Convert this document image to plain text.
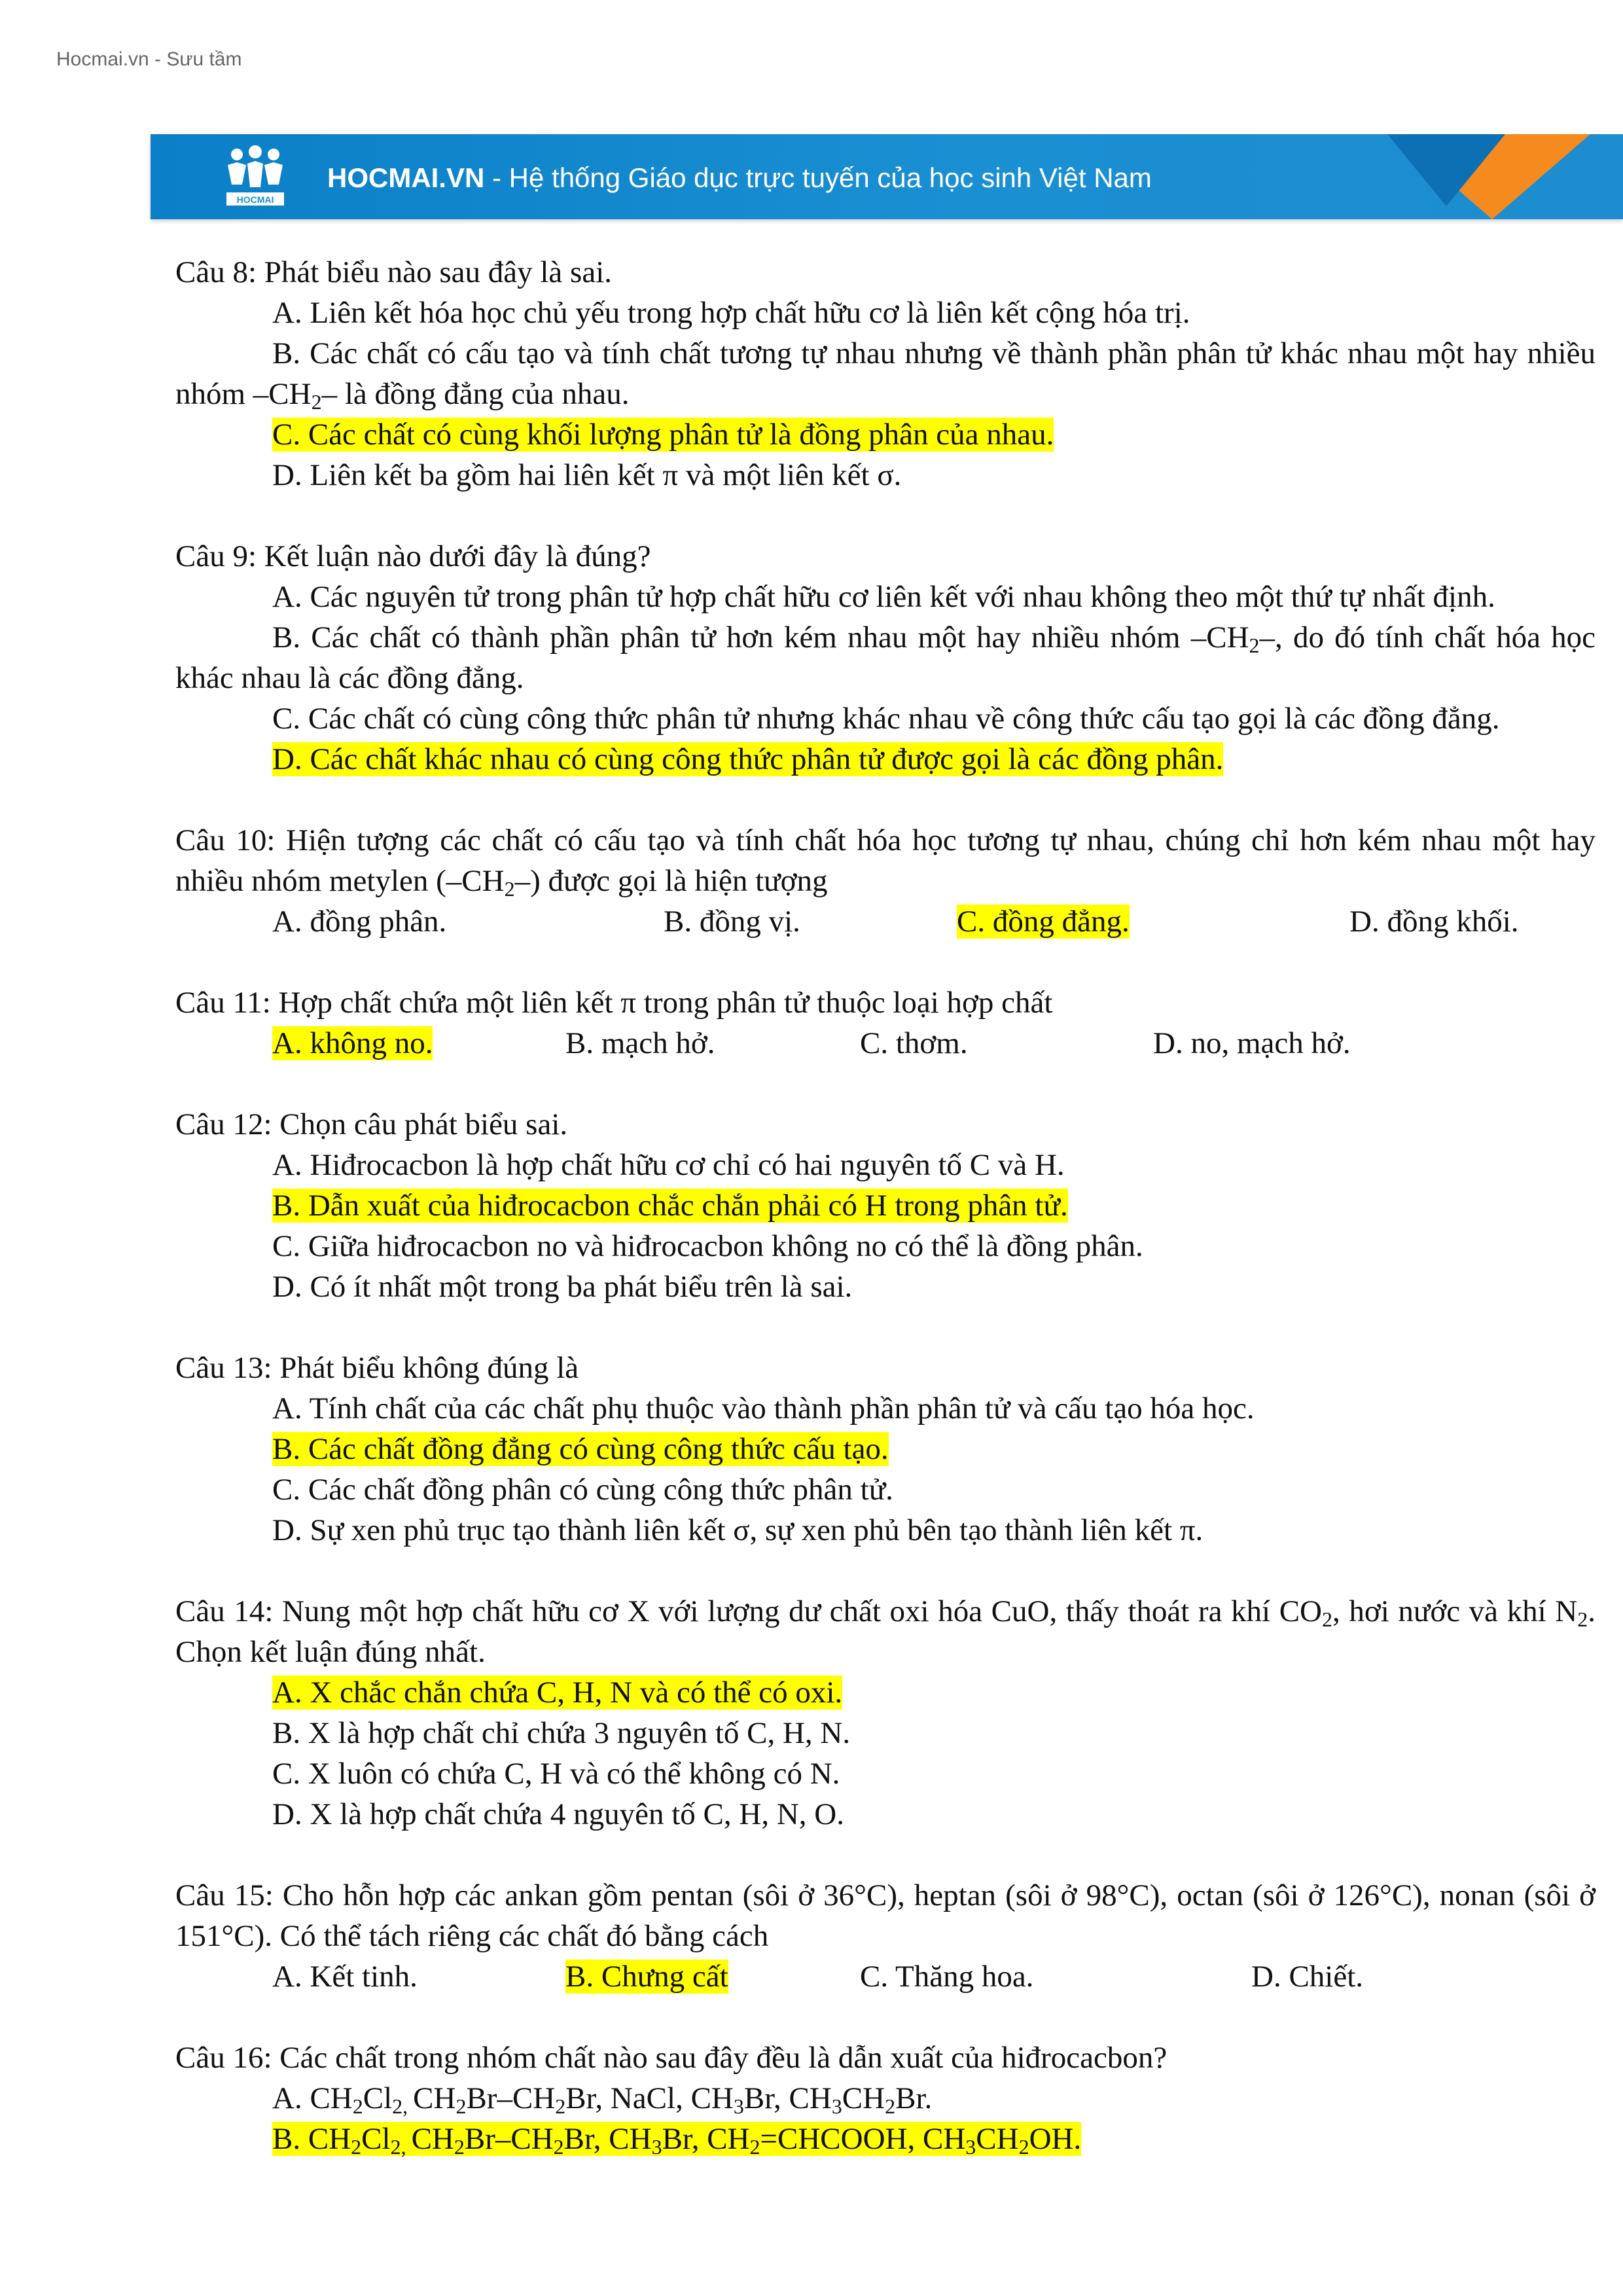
Hocmai.vn - Sưu tầm
HOCMAI
HOCMAI.VN - Hệ thống Giáo dục trực tuyến của học sinh Việt Nam
Câu 8: Phát biểu nào sau đây là sai.
A. Liên kết hóa học chủ yếu trong hợp chất hữu cơ là liên kết cộng hóa trị.
B. Các chất có cấu tạo và tính chất tương tự nhau nhưng về thành phần phân tử khác nhau một hay nhiều nhóm $-CH_2-$ là đồng đẳng của nhau.
C. Các chất có cùng khối lượng phân tử là đồng phân của nhau.
D. Liên kết ba gồm hai liên kết π và một liên kết σ.
Câu 9: Kết luận nào dưới đây là đúng?
A. Các nguyên tử trong phân tử hợp chất hữu cơ liên kết với nhau không theo một thứ tự nhất định.
B. Các chất có thành phần phân tử hơn kém nhau một hay nhiều nhóm $-CH_2-$, do đó tính chất hóa học khác nhau là các đồng đẳng.
C. Các chất có cùng công thức phân tử nhưng khác nhau về công thức cấu tạo gọi là các đồng đẳng.
D. Các chất khác nhau có cùng công thức phân tử được gọi là các đồng phân.
Câu 10: Hiện tượng các chất có cấu tạo và tính chất hóa học tương tự nhau, chúng chỉ hơn kém nhau một hay nhiều nhóm metylen $(-CH_2-)$ được gọi là hiện tượng
A. đồng phân.	B. đồng vị.	C. đồng đẳng.	D. đồng khối.
Câu 11: Hợp chất chứa một liên kết π trong phân tử thuộc loại hợp chất
A. không no.	B. mạch hở.	C. thơm.	D. no, mạch hở.
Câu 12: Chọn câu phát biểu sai.
A. Hiđrocacbon là hợp chất hữu cơ chỉ có hai nguyên tố C và H.
B. Dẫn xuất của hiđrocacbon chắc chắn phải có H trong phân tử.
C. Giữa hiđrocacbon no và hiđrocacbon không no có thể là đồng phân.
D. Có ít nhất một trong ba phát biểu trên là sai.
Câu 13: Phát biểu không đúng là
A. Tính chất của các chất phụ thuộc vào thành phần phân tử và cấu tạo hóa học.
B. Các chất đồng đẳng có cùng công thức cấu tạo.
C. Các chất đồng phân có cùng công thức phân tử.
D. Sự xen phủ trục tạo thành liên kết σ, sự xen phủ bên tạo thành liên kết π.
Câu 14: Nung một hợp chất hữu cơ X với lượng dư chất oxi hóa CuO, thấy thoát ra khí $CO_2$, hơi nước và khí $N_2$. Chọn kết luận đúng nhất.
A. X chắc chắn chứa C, H, N và có thể có oxi.
B. X là hợp chất chỉ chứa 3 nguyên tố C, H, N.
C. X luôn có chứa C, H và có thể không có N.
D. X là hợp chất chứa 4 nguyên tố C, H, N, O.
Câu 15: Cho hỗn hợp các ankan gồm pentan (sôi ở 36°C), heptan (sôi ở 98°C), octan (sôi ở 126°C), nonan (sôi ở 151°C). Có thể tách riêng các chất đó bằng cách
A. Kết tinh.	B. Chưng cất	C. Thăng hoa.	D. Chiết.
Câu 16: Các chất trong nhóm chất nào sau đây đều là dẫn xuất của hiđrocacbon?
A. $CH_2Cl_{2,}$ $CH_2Br-CH_2Br$, NaCl, $CH_3Br$, $CH_3CH_2Br$.
B. $CH_2Cl_{2,}$ $CH_2Br-CH_2Br$, $CH_3Br$, $CH_2=CHCOOH$, $CH_3CH_2OH$.
